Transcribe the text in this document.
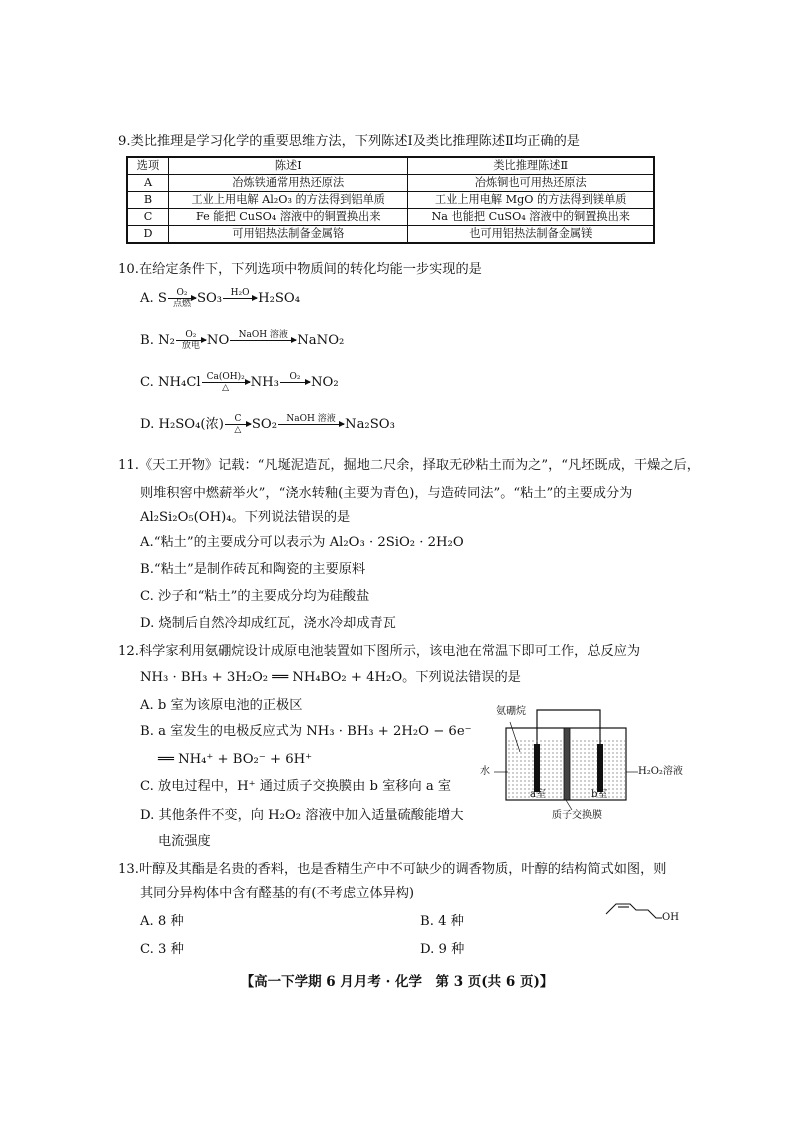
9.类比推理是学习化学的重要思维方法，下列陈述Ⅰ及类比推理陈述Ⅱ均正确的是
选项	陈述Ⅰ	类比推理陈述Ⅱ
A	冶炼铁通常用热还原法	冶炼铜也可用热还原法
B	工业上用电解 Al₂O₃ 的方法得到铝单质	工业上用电解 MgO 的方法得到镁单质
C	Fe 能把 CuSO₄ 溶液中的铜置换出来	Na 也能把 CuSO₄ 溶液中的铜置换出来
D	可用铝热法制备金属铬	也可用铝热法制备金属镁
10.在给定条件下，下列选项中物质间的转化均能一步实现的是
A. S	O₂
点燃 SO₃ H₂O H₂SO₄
B. N₂	O₂
放电 NO	NaOH 溶液 NaNO₂
C. NH₄Cl Ca(OH)₂
△	NH₃	O₂ NO₂
D. H₂SO₄(浓)	C
△ SO₂	NaOH 溶液 Na₂SO₃
11.《天工开物》记载：“凡埏泥造瓦，掘地二尺余，择取无砂粘土而为之”，“凡坯既成，干燥之后，
则堆积窖中燃薪举火”，“浇水转釉(主要为青色)，与造砖同法”。“粘土”的主要成分为
Al₂Si₂O₅(OH)₄。下列说法错误的是
A.“粘土”的主要成分可以表示为 Al₂O₃ · 2SiO₂ · 2H₂O
B.“粘土”是制作砖瓦和陶瓷的主要原料
C. 沙子和“粘土”的主要成分均为硅酸盐
D. 烧制后自然冷却成红瓦，浇水冷却成青瓦
12.科学家利用氨硼烷设计成原电池装置如下图所示，该电池在常温下即可工作，总反应为
NH₃ · BH₃ + 3H₂O₂ ══ NH₄BO₂ + 4H₂O。下列说法错误的是
A. b 室为该原电池的正极区
B. a 室发生的电极反应式为 NH₃ · BH₃ + 2H₂O − 6e⁻
══ NH₄⁺ + BO₂⁻ + 6H⁺
C. 放电过程中，H⁺ 通过质子交换膜由 b 室移向 a 室
D. 其他条件不变，向 H₂O₂ 溶液中加入适量硫酸能增大
电流强度
氨硼烷
水	H₂O₂溶液
a室	b室
质子交换膜
13.叶醇及其酯是名贵的香料，也是香精生产中不可缺少的调香物质，叶醇的结构简式如图，则
其同分异构体中含有醛基的有(不考虑立体异构)
A. 8 种	B. 4 种
C. 3 种	D. 9 种
OH
【高一下学期 6 月月考 · 化学　第 3 页(共 6 页)】
